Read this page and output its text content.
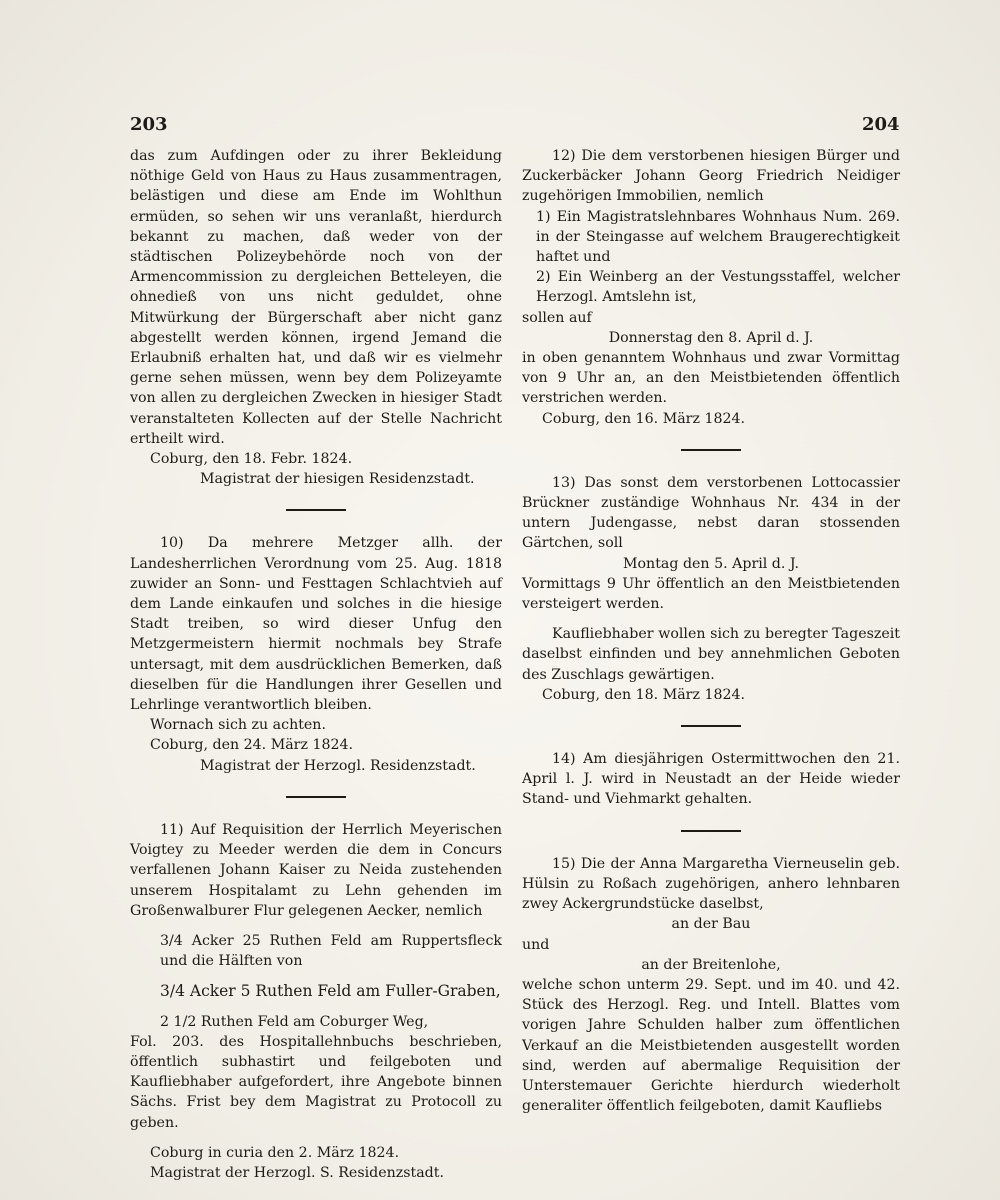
203	204

das zum Aufdingen oder zu ihrer Bekleidung nöthige Geld von Haus zu Haus zusammentragen, belästigen und diese am Ende im Wohlthun ermüden, so sehen wir uns veranlaßt, hierdurch bekannt zu machen, daß weder von der städtischen Polizeybehörde noch von der Armencommission zu dergleichen Betteleyen, die ohnedieß von uns nicht geduldet, ohne Mitwürkung der Bürgerschaft aber nicht ganz abgestellt werden können, irgend Jemand die Erlaubniß erhalten hat, und daß wir es vielmehr gerne sehen müssen, wenn bey dem Polizeyamte von allen zu dergleichen Zwecken in hiesiger Stadt veranstalteten Kollecten auf der Stelle Nachricht ertheilt wird.

Coburg, den 18. Febr. 1824.

Magistrat der hiesigen Residenzstadt.

10) Da mehrere Metzger allh. der Landesherrlichen Verordnung vom 25. Aug. 1818 zuwider an Sonn- und Festtagen Schlachtvieh auf dem Lande einkaufen und solches in die hiesige Stadt treiben, so wird dieser Unfug den Metzgermeistern hiermit nochmals bey Strafe untersagt, mit dem ausdrücklichen Bemerken, daß dieselben für die Handlungen ihrer Gesellen und Lehrlinge verantwortlich bleiben.

Wornach sich zu achten.

Coburg, den 24. März 1824.

Magistrat der Herzogl. Residenzstadt.

11) Auf Requisition der Herrlich Meyerischen Voigtey zu Meeder werden die dem in Concurs verfallenen Johann Kaiser zu Neida zustehenden unserem Hospitalamt zu Lehn gehenden im Großenwalburer Flur gelegenen Aecker, nemlich

3/4 Acker 25 Ruthen Feld am Ruppertsfleck und die Hälften von

3/4 Acker 5 Ruthen Feld am Fuller-Graben,

2 1/2 Ruthen Feld am Coburger Weg,

Fol. 203. des Hospitallehnbuchs beschrieben, öffentlich subhastirt und feilgeboten und Kaufliebhaber aufgefordert, ihre Angebote binnen Sächs. Frist bey dem Magistrat zu Protocoll zu geben.

Coburg in curia den 2. März 1824.

Magistrat der Herzogl. S. Residenzstadt.

12) Die dem verstorbenen hiesigen Bürger und Zuckerbäcker Johann Georg Friedrich Neidiger zugehörigen Immobilien, nemlich

1) Ein Magistratslehnbares Wohnhaus Num. 269. in der Steingasse auf welchem Braugerechtigkeit haftet und

2) Ein Weinberg an der Vestungsstaffel, welcher Herzogl. Amtslehn ist,

sollen auf

Donnerstag den 8. April d. J.

in oben genanntem Wohnhaus und zwar Vormittag von 9 Uhr an, an den Meistbietenden öffentlich verstrichen werden.

Coburg, den 16. März 1824.

13) Das sonst dem verstorbenen Lottocassier Brückner zuständige Wohnhaus Nr. 434 in der untern Judengasse, nebst daran stossenden Gärtchen, soll

Montag den 5. April d. J.

Vormittags 9 Uhr öffentlich an den Meistbietenden versteigert werden.

Kaufliebhaber wollen sich zu beregter Tageszeit daselbst einfinden und bey annehmlichen Geboten des Zuschlags gewärtigen.

Coburg, den 18. März 1824.

14) Am diesjährigen Ostermittwochen den 21. April l. J. wird in Neustadt an der Heide wieder Stand- und Viehmarkt gehalten.

15) Die der Anna Margaretha Vierneuselin geb. Hülsin zu Roßach zugehörigen, anhero lehnbaren zwey Ackergrundstücke daselbst,

an der Bau

und

an der Breitenlohe,

welche schon unterm 29. Sept. und im 40. und 42. Stück des Herzogl. Reg. und Intell. Blattes vom vorigen Jahre Schulden halber zum öffentlichen Verkauf an die Meistbietenden ausgestellt worden sind, werden auf abermalige Requisition der Unterstemauer Gerichte hierdurch wiederholt generaliter öffentlich feilgeboten, damit Kaufliebs
